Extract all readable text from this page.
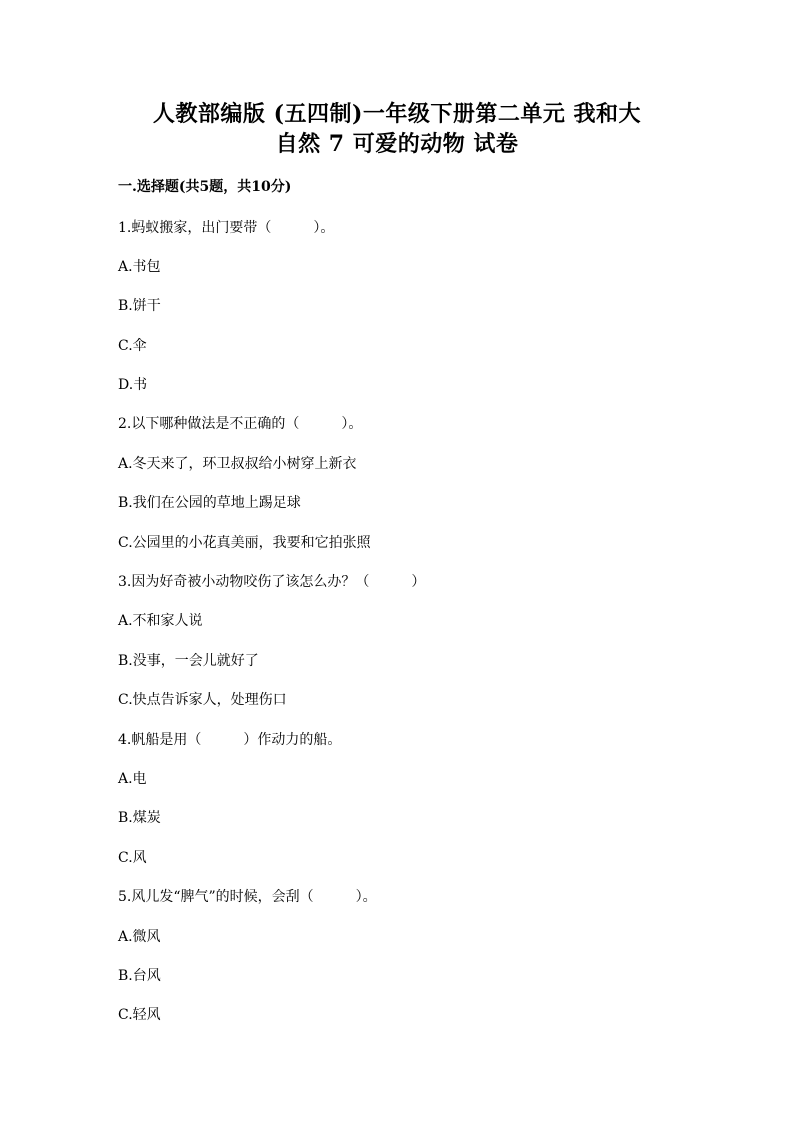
人教部编版 (五四制)一年级下册第二单元 我和大
自然 7 可爱的动物 试卷
一.选择题(共5题，共10分)
1.蚂蚁搬家，出门要带（　　　）。
A.书包
B.饼干
C.伞
D.书
2.以下哪种做法是不正确的（　　　）。
A.冬天来了，环卫叔叔给小树穿上新衣
B.我们在公园的草地上踢足球
C.公园里的小花真美丽，我要和它拍张照
3.因为好奇被小动物咬伤了该怎么办？（　　　）
A.不和家人说
B.没事，一会儿就好了
C.快点告诉家人，处理伤口
4.帆船是用（　　　）作动力的船。
A.电
B.煤炭
C.风
5.风儿发“脾气”的时候，会刮（　　　）。
A.微风
B.台风
C.轻风
